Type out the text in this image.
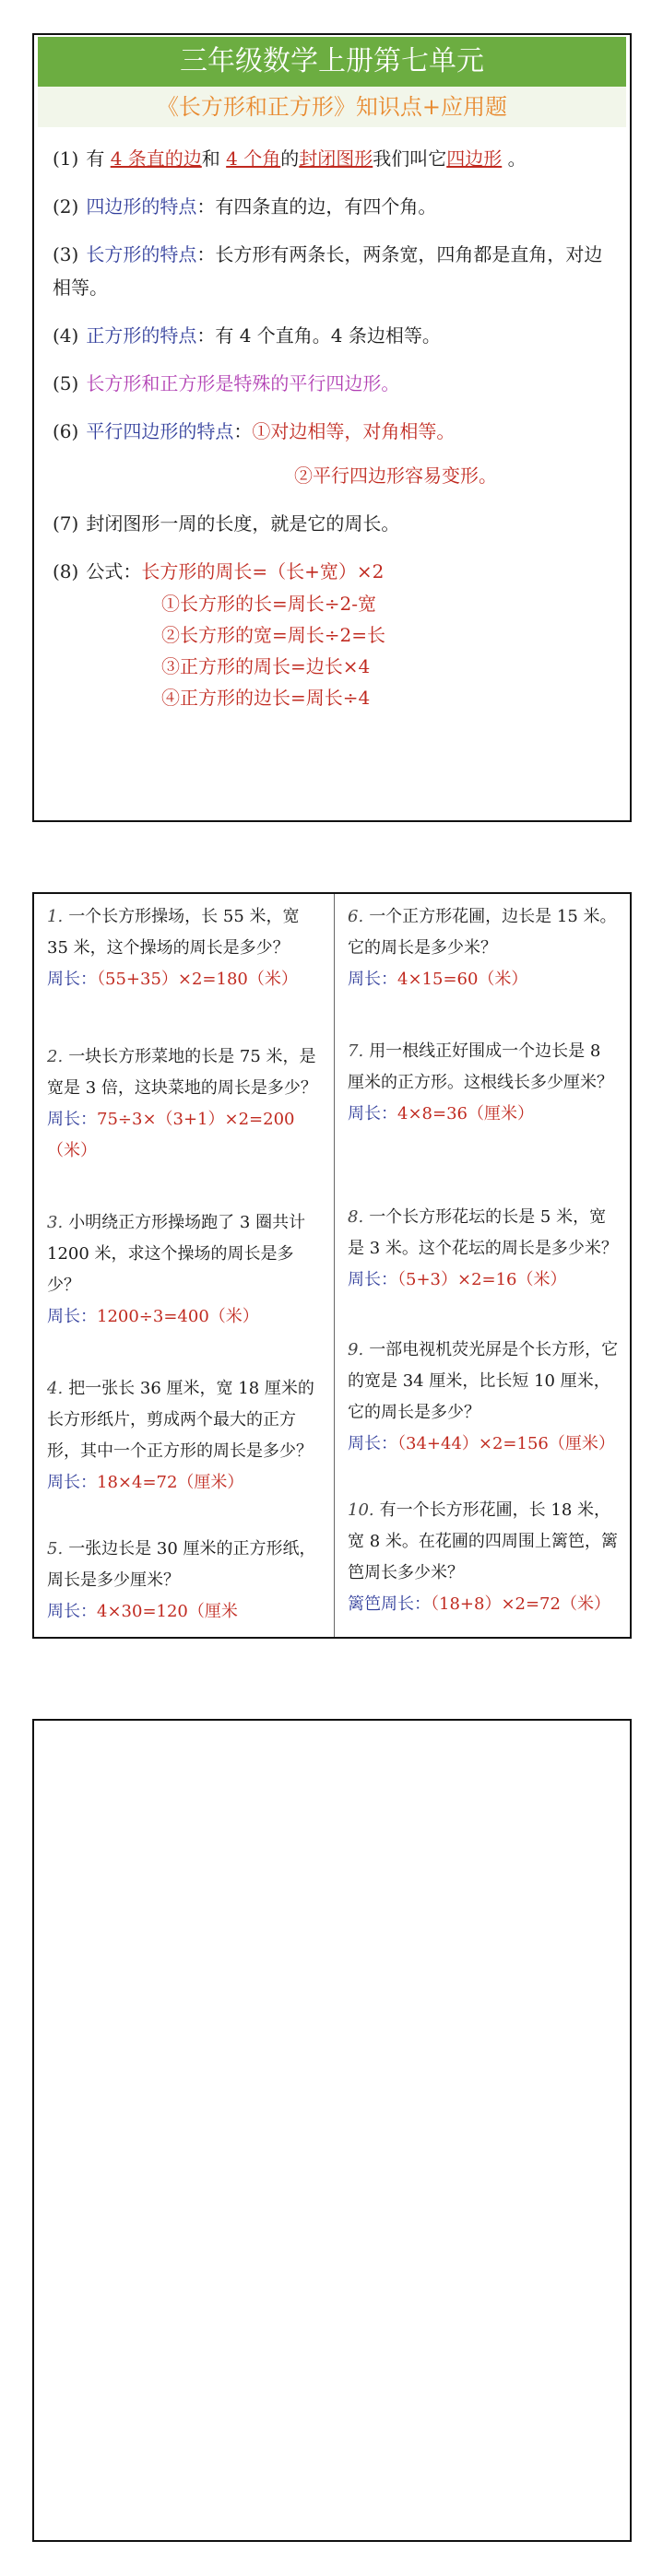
三年级数学上册第七单元
《长方形和正方形》知识点+应用题
(1) 有 4 条直的边和 4 个角的封闭图形我们叫它四边形 。
(2) 四边形的特点：有四条直的边，有四个角。
(3) 长方形的特点：长方形有两条长，两条宽，四角都是直角，对边相等。
(4) 正方形的特点：有 4 个直角。4 条边相等。
(5) 长方形和正方形是特殊的平行四边形。
(6) 平行四边形的特点：①对边相等，对角相等。
②平行四边形容易变形。
(7) 封闭图形一周的长度，就是它的周长。
(8) 公式：长方形的周长=（长+宽）×2
①长方形的长=周长÷2-宽
②长方形的宽=周长÷2=长
③正方形的周长=边长×4
④正方形的边长=周长÷4
1. 一个长方形操场，长 55 米，宽 35 米，这个操场的周长是多少？
周长：（55+35）×2=180（米）
2. 一块长方形菜地的长是 75 米，是宽是 3 倍，这块菜地的周长是多少？
周长：75÷3×（3+1）×2=200（米）
3. 小明绕正方形操场跑了 3 圈共计 1200 米，求这个操场的周长是多少？
周长：1200÷3=400（米）
4. 把一张长 36 厘米，宽 18 厘米的长方形纸片，剪成两个最大的正方形，其中一个正方形的周长是多少？
周长：18×4=72（厘米）
5. 一张边长是 30 厘米的正方形纸，周长是多少厘米？
周长：4×30=120（厘米
6. 一个正方形花圃，边长是 15 米。它的周长是多少米？
周长：4×15=60（米）
7. 用一根线正好围成一个边长是 8 厘米的正方形。这根线长多少厘米？
周长：4×8=36（厘米）
8. 一个长方形花坛的长是 5 米，宽是 3 米。这个花坛的周长是多少米？
周长：（5+3）×2=16（米）
9. 一部电视机荧光屏是个长方形，它的宽是 34 厘米，比长短 10 厘米，它的周长是多少？
周长：（34+44）×2=156（厘米）
10. 有一个长方形花圃，长 18 米，宽 8 米。在花圃的四周围上篱笆，篱笆周长多少米？
篱笆周长：（18+8）×2=72（米）
